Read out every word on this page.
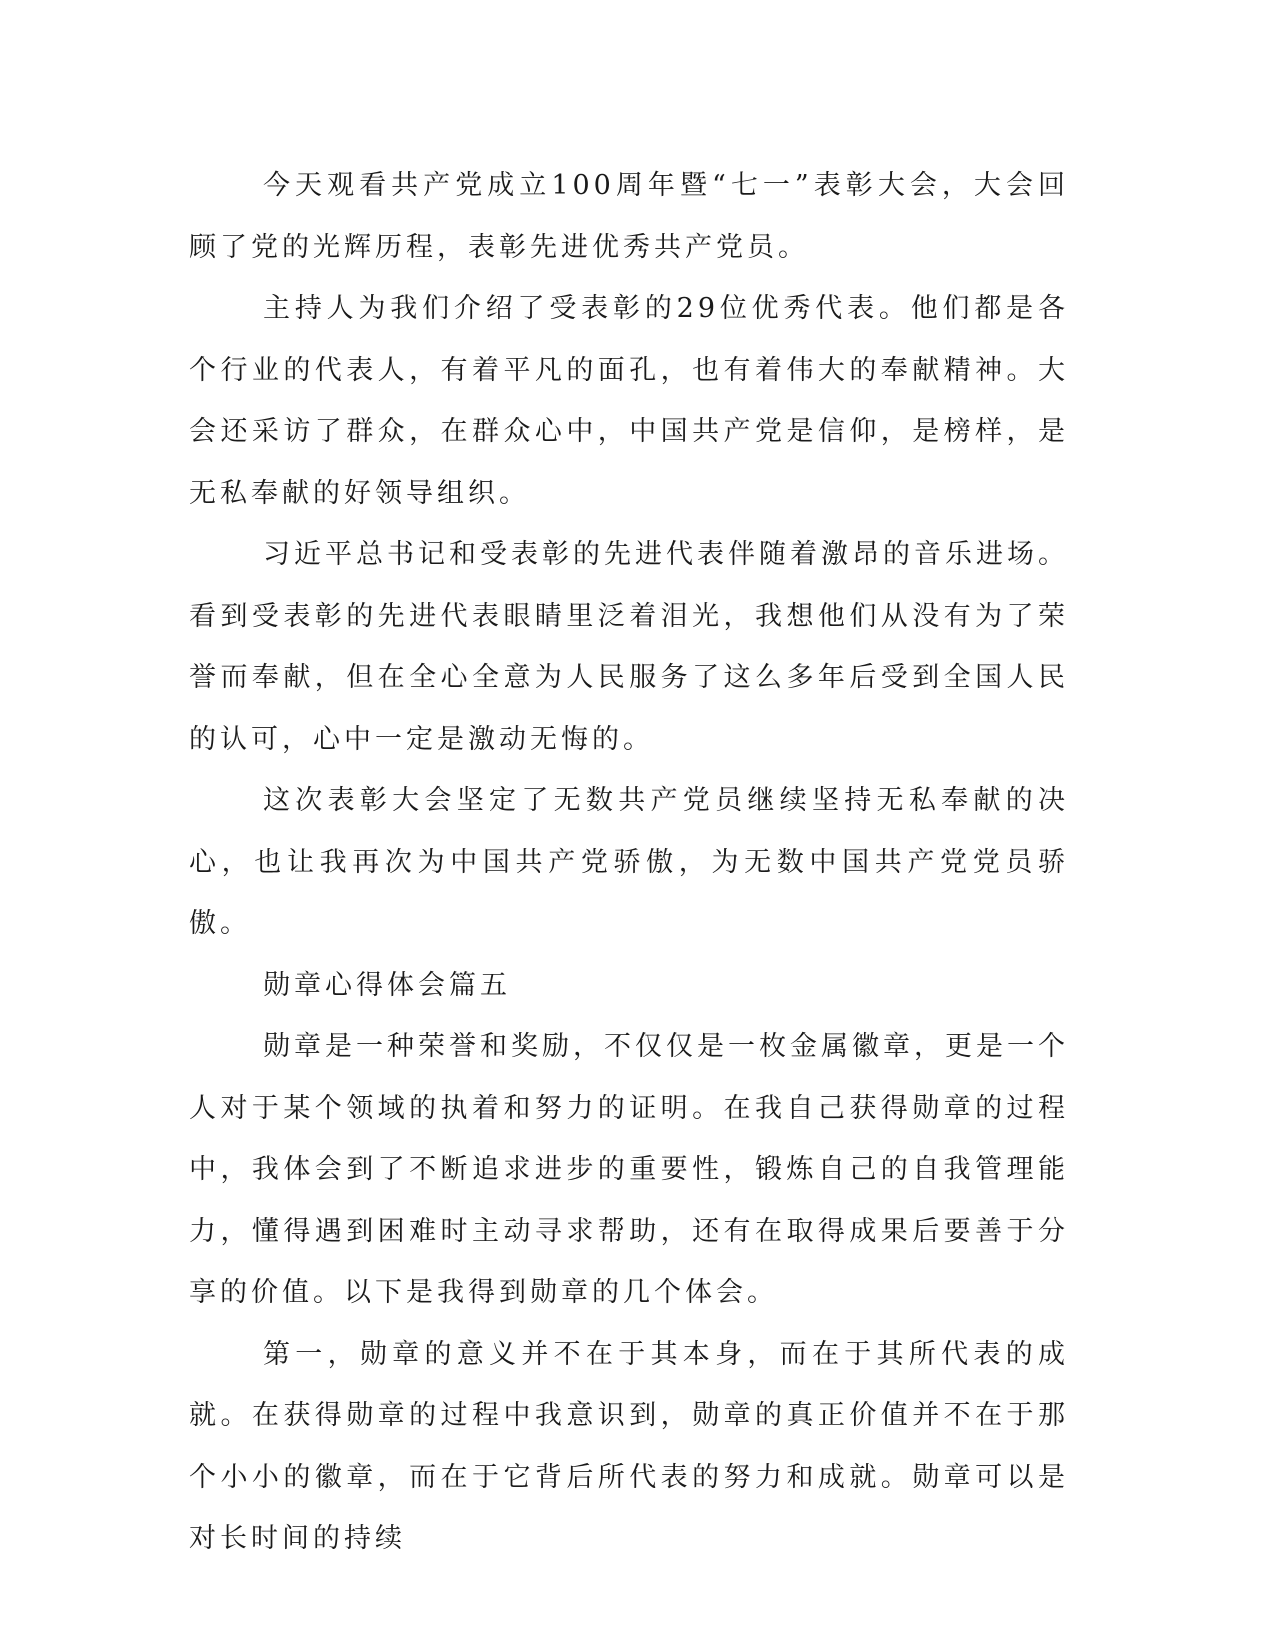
今天观看共产党成立100周年暨“七一”表彰大会，大会回顾了党的光辉历程，表彰先进优秀共产党员。

主持人为我们介绍了受表彰的29位优秀代表。他们都是各个行业的代表人，有着平凡的面孔，也有着伟大的奉献精神。大会还采访了群众，在群众心中，中国共产党是信仰，是榜样，是无私奉献的好领导组织。

习近平总书记和受表彰的先进代表伴随着激昂的音乐进场。看到受表彰的先进代表眼睛里泛着泪光，我想他们从没有为了荣誉而奉献，但在全心全意为人民服务了这么多年后受到全国人民的认可，心中一定是激动无悔的。

这次表彰大会坚定了无数共产党员继续坚持无私奉献的决心，也让我再次为中国共产党骄傲，为无数中国共产党党员骄傲。

勋章心得体会篇五

勋章是一种荣誉和奖励，不仅仅是一枚金属徽章，更是一个人对于某个领域的执着和努力的证明。在我自己获得勋章的过程中，我体会到了不断追求进步的重要性，锻炼自己的自我管理能力，懂得遇到困难时主动寻求帮助，还有在取得成果后要善于分享的价值。以下是我得到勋章的几个体会。

第一，勋章的意义并不在于其本身，而在于其所代表的成就。在获得勋章的过程中我意识到，勋章的真正价值并不在于那个小小的徽章，而在于它背后所代表的努力和成就。勋章可以是对长时间的持续
